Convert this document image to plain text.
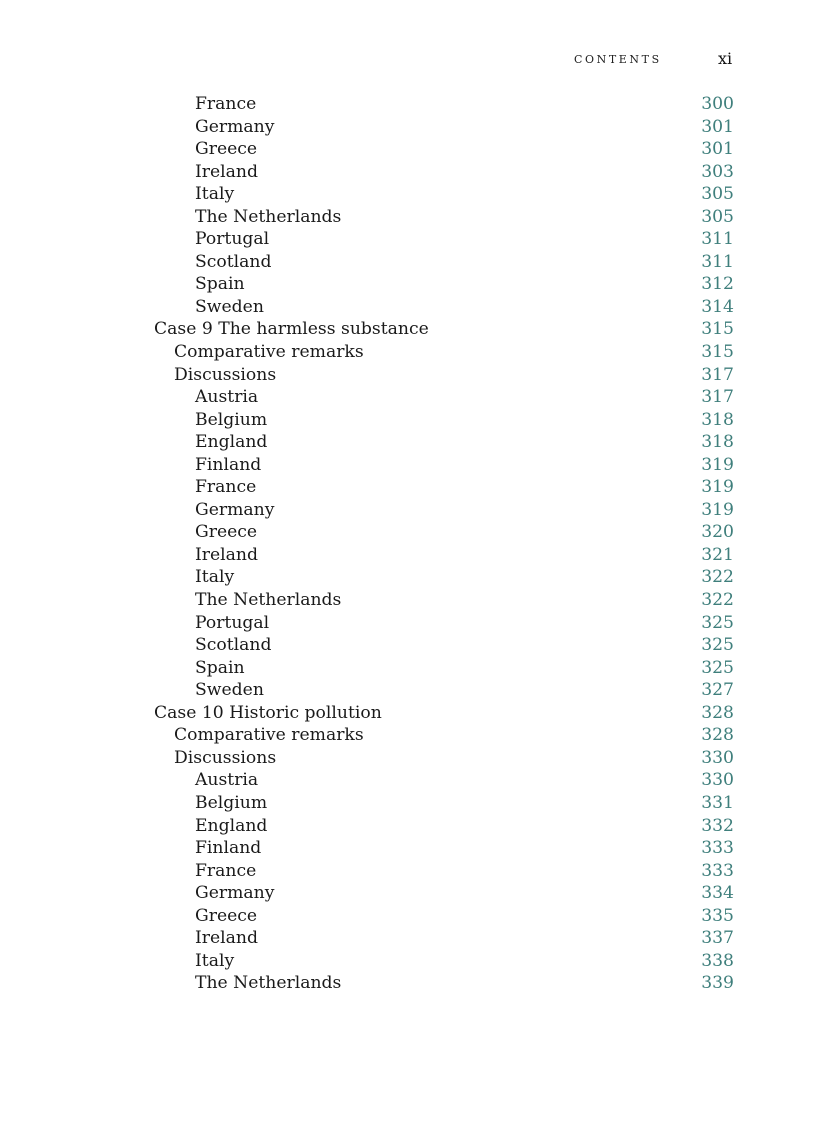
CONTENTS	xi
France	300
Germany	301
Greece	301
Ireland	303
Italy	305
The Netherlands	305
Portugal	311
Scotland	311
Spain	312
Sweden	314
Case 9 The harmless substance	315
Comparative remarks	315
Discussions	317
Austria	317
Belgium	318
England	318
Finland	319
France	319
Germany	319
Greece	320
Ireland	321
Italy	322
The Netherlands	322
Portugal	325
Scotland	325
Spain	325
Sweden	327
Case 10 Historic pollution	328
Comparative remarks	328
Discussions	330
Austria	330
Belgium	331
England	332
Finland	333
France	333
Germany	334
Greece	335
Ireland	337
Italy	338
The Netherlands	339
